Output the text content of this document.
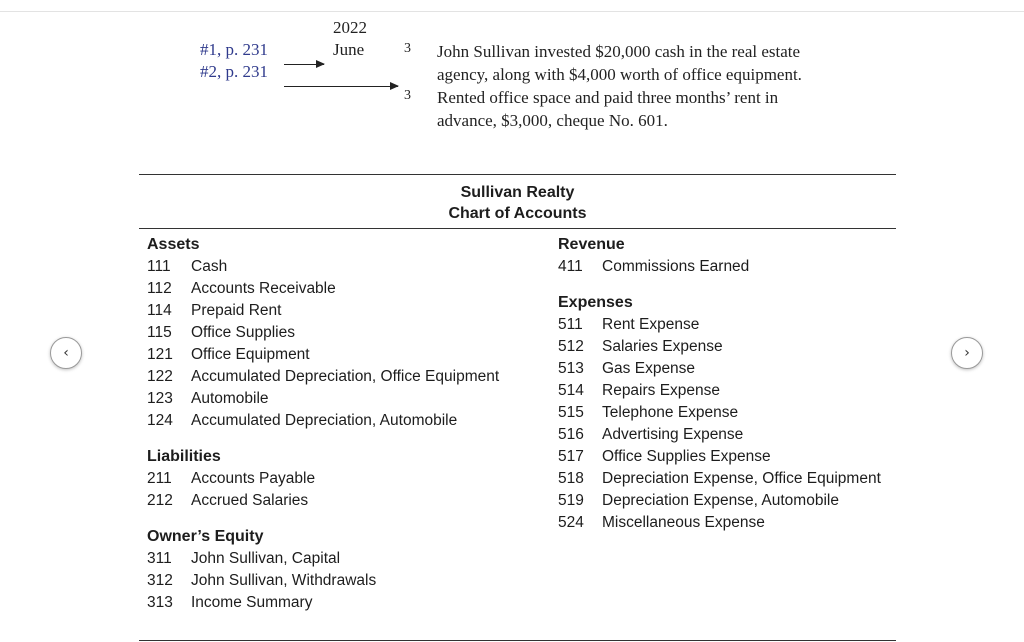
2022
June
#1, p. 231
#2, p. 231
3
3

John Sullivan invested $20,000 cash in the real estate

agency, along with $4,000 worth of office equipment.

Rented office space and paid three months’ rent in

advance, $3,000, cheque No. 601.

Sullivan Realty
Chart of Accounts
Assets
111	Cash
112	Accounts Receivable
114	Prepaid Rent
115	Office Supplies
121	Office Equipment
122	Accumulated Depreciation, Office Equipment
123	Automobile
124	Accumulated Depreciation, Automobile
Liabilities
211	Accounts Payable
212	Accrued Salaries
Owner’s Equity
311	John Sullivan, Capital
312	John Sullivan, Withdrawals
313	Income Summary
Revenue
411	Commissions Earned
Expenses
511	Rent Expense
512	Salaries Expense
513	Gas Expense
514	Repairs Expense
515	Telephone Expense
516	Advertising Expense
517	Office Supplies Expense
518	Depreciation Expense, Office Equipment
519	Depreciation Expense, Automobile
524	Miscellaneous Expense
‹	›
